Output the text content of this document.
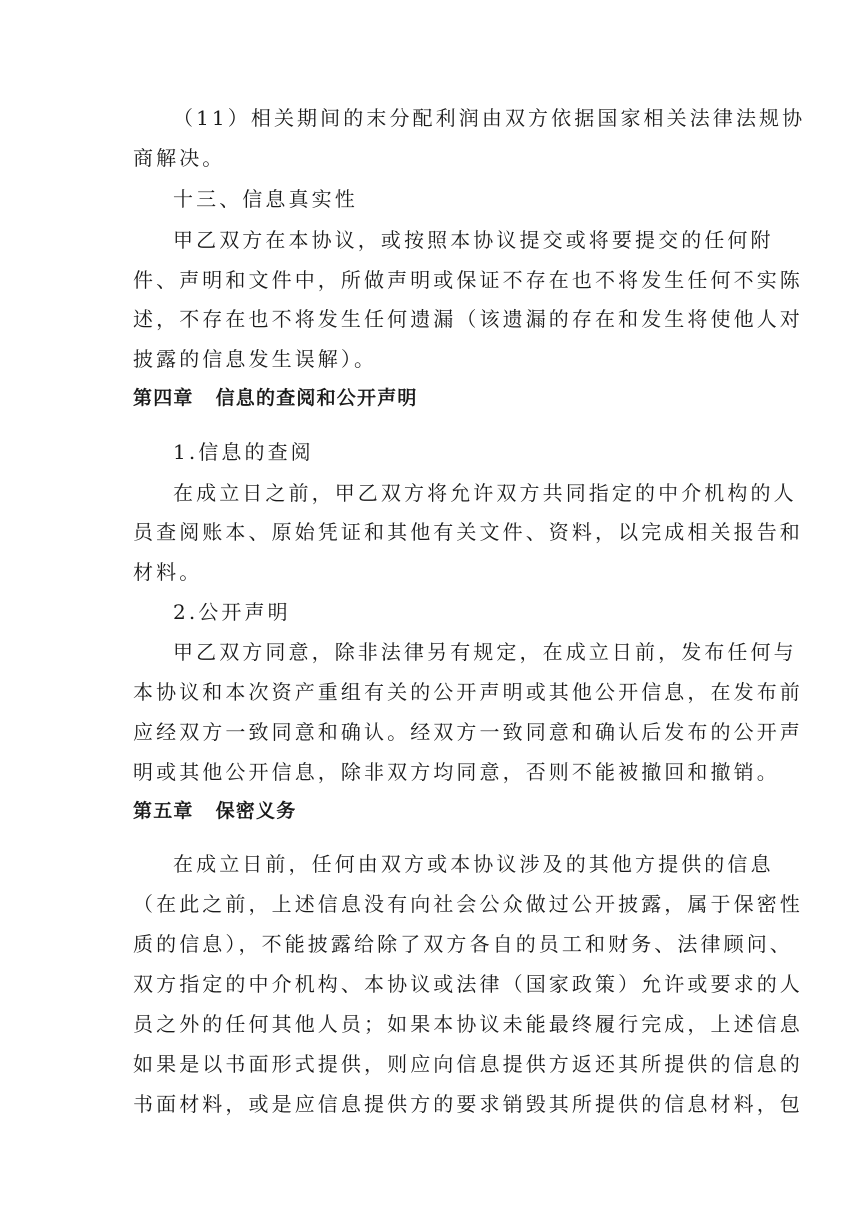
（11）相关期间的末分配利润由双方依据国家相关法律法规协
商解决。
十三、信息真实性
甲乙双方在本协议，或按照本协议提交或将要提交的任何附
件、声明和文件中，所做声明或保证不存在也不将发生任何不实陈
述，不存在也不将发生任何遗漏（该遗漏的存在和发生将使他人对
披露的信息发生误解）。
第四章 信息的查阅和公开声明
1.信息的查阅
在成立日之前，甲乙双方将允许双方共同指定的中介机构的人
员查阅账本、原始凭证和其他有关文件、资料，以完成相关报告和
材料。
2.公开声明
甲乙双方同意，除非法律另有规定，在成立日前，发布任何与
本协议和本次资产重组有关的公开声明或其他公开信息，在发布前
应经双方一致同意和确认。经双方一致同意和确认后发布的公开声
明或其他公开信息，除非双方均同意，否则不能被撤回和撤销。
第五章 保密义务
在成立日前，任何由双方或本协议涉及的其他方提供的信息
（在此之前，上述信息没有向社会公众做过公开披露，属于保密性
质的信息），不能披露给除了双方各自的员工和财务、法律顾问、
双方指定的中介机构、本协议或法律（国家政策）允许或要求的人
员之外的任何其他人员；如果本协议未能最终履行完成，上述信息
如果是以书面形式提供，则应向信息提供方返还其所提供的信息的
书面材料，或是应信息提供方的要求销毁其所提供的信息材料，包
